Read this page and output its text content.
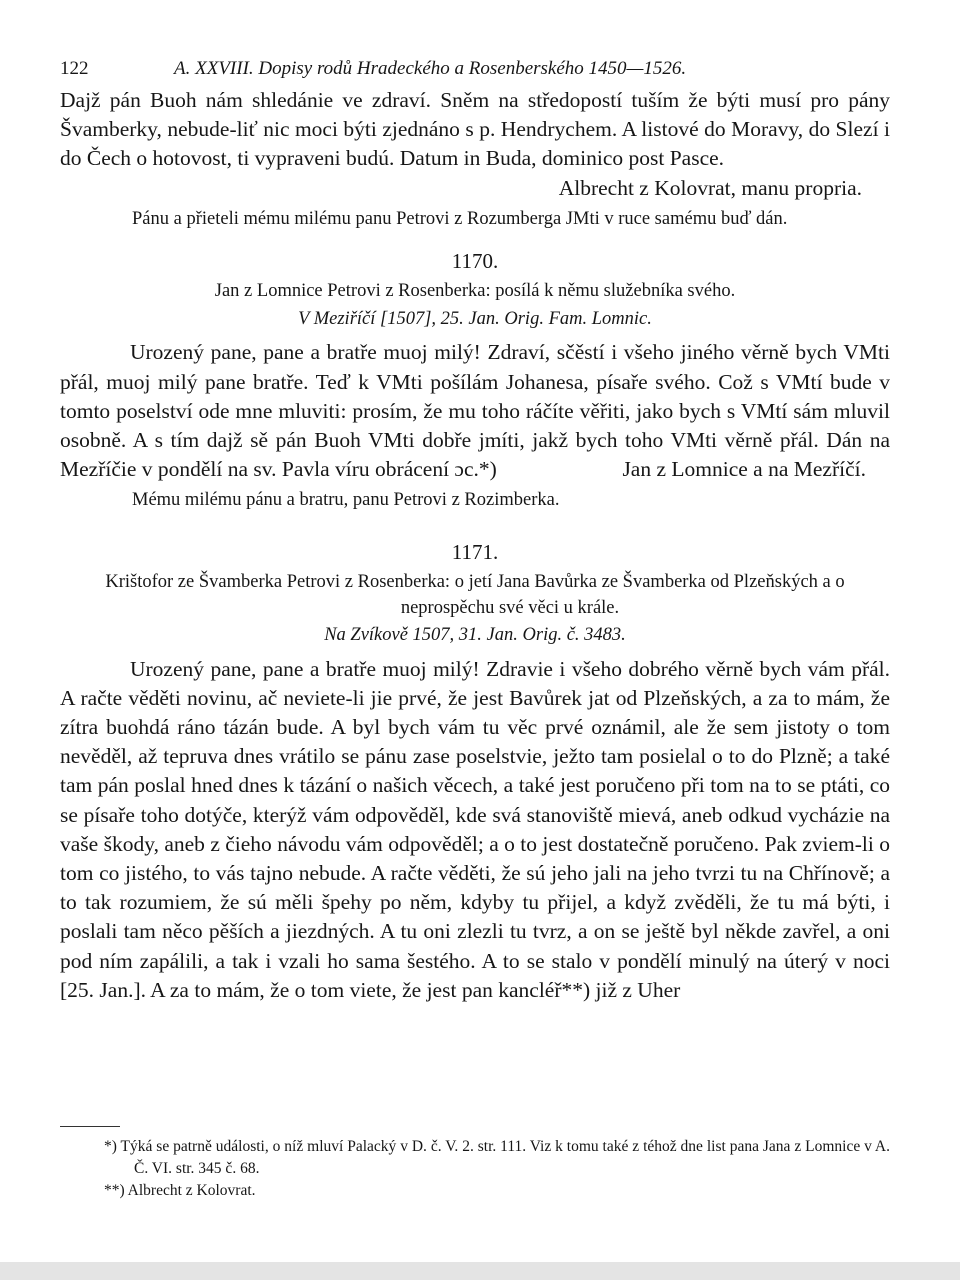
122	A. XXVIII. Dopisy rodů Hradeckého a Rosenberského 1450—1526.

Dajž pán Buoh nám shledánie ve zdraví. Sněm na středopostí tuším že býti musí pro pány Švamberky, nebude-liť nic moci býti zjednáno s p. Hendrychem. A listové do Moravy, do Slezí i do Čech o hotovost, ti vypraveni budú. Datum in Buda, dominico post Pasce.

Albrecht z Kolovrat, manu propria.

Pánu a přieteli mému milému panu Petrovi z Rozumberga JMti v ruce samému buď dán.

1170.

Jan z Lomnice Petrovi z Rosenberka: posílá k němu služebníka svého.

V Meziříčí [1507], 25. Jan. Orig. Fam. Lomnic.

Urozený pane, pane a bratře muoj milý! Zdraví, sčěstí i všeho jiného věrně bych VMti přál, muoj milý pane bratře. Teď k VMti pošílám Johanesa, písaře svého. Což s VMtí bude v tomto poselství ode mne mluviti: prosím, že mu toho ráčíte věřiti, jako bych s VMtí sám mluvil osobně. A s tím dajž sě pán Buoh VMti dobře jmíti, jakž bych toho VMti věrně přál. Dán na Mezříčie v pondělí na sv. Pavla víru obrácení ɔc.*)	Jan z Lomnice a na Mezříčí.

Mému milému pánu a bratru, panu Petrovi z Rozimberka.

1171.

Krištofor ze Švamberka Petrovi z Rosenberka: o jetí Jana Bavůrka ze Švamberka od Plzeňských a o neprospěchu své věci u krále.

Na Zvíkově 1507, 31. Jan. Orig. č. 3483.

Urozený pane, pane a bratře muoj milý! Zdravie i všeho dobrého věrně bych vám přál. A račte věděti novinu, ač neviete-li jie prvé, že jest Bavůrek jat od Plzeňských, a za to mám, že zítra buohdá ráno tázán bude. A byl bych vám tu věc prvé oznámil, ale že sem jistoty o tom nevěděl, až tepruva dnes vrátilo se pánu zase poselstvie, ježto tam posielal o to do Plzně; a také tam pán poslal hned dnes k tázání o našich věcech, a také jest poručeno při tom na to se ptáti, co se písaře toho dotýče, kterýž vám odpověděl, kde svá stanoviště mievá, aneb odkud vycházie na vaše škody, aneb z čieho návodu vám odpověděl; a o to jest dostatečně poručeno. Pak zviem-li o tom co jistého, to vás tajno nebude. A račte věděti, že sú jeho jali na jeho tvrzi tu na Chřínově; a to tak rozumiem, že sú měli špehy po něm, kdyby tu přijel, a když zvěděli, že tu má býti, i poslali tam něco pěších a jiezdných. A tu oni zlezli tu tvrz, a on se ještě byl někde zavřel, a oni pod ním zapálili, a tak i vzali ho sama šestého. A to se stalo v pondělí minulý na úterý v noci [25. Jan.]. A za to mám, že o tom viete, že jest pan kancléř**) již z Uher

*) Týká se patrně události, o níž mluví Palacký v D. č. V. 2. str. 111. Viz k tomu také z téhož dne list pana Jana z Lomnice v A. Č. VI. str. 345 č. 68.

**) Albrecht z Kolovrat.
